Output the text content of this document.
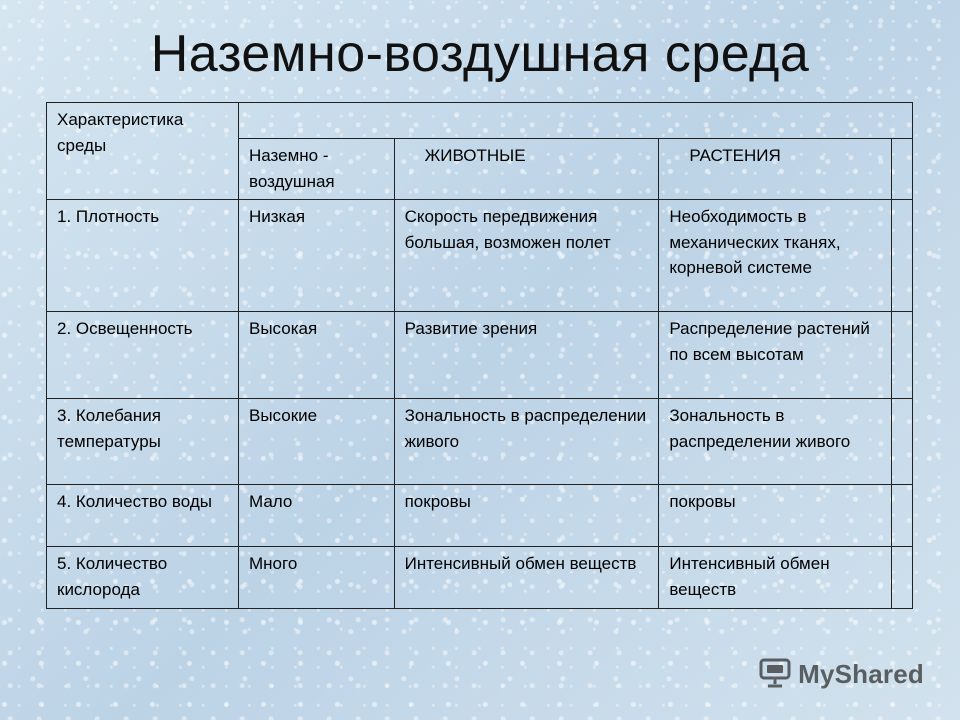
Наземно-воздушная среда
Характеристика среды				
	Наземно - воздушная	ЖИВОТНЫЕ	РАСТЕНИЯ	
1. Плотность	Низкая	Скорость передвижения большая, возможен полет	Необходимость в механических тканях, корневой системе	
2. Освещенность	Высокая	Развитие зрения	Распределение растений по всем высотам	
3. Колебания температуры	Высокие	Зональность в распределении живого	Зональность в распределении живого	
4. Количество воды	Мало	покровы	покровы	
5. Количество кислорода	Много	Интенсивный обмен веществ	Интенсивный обмен веществ	
MyShared
